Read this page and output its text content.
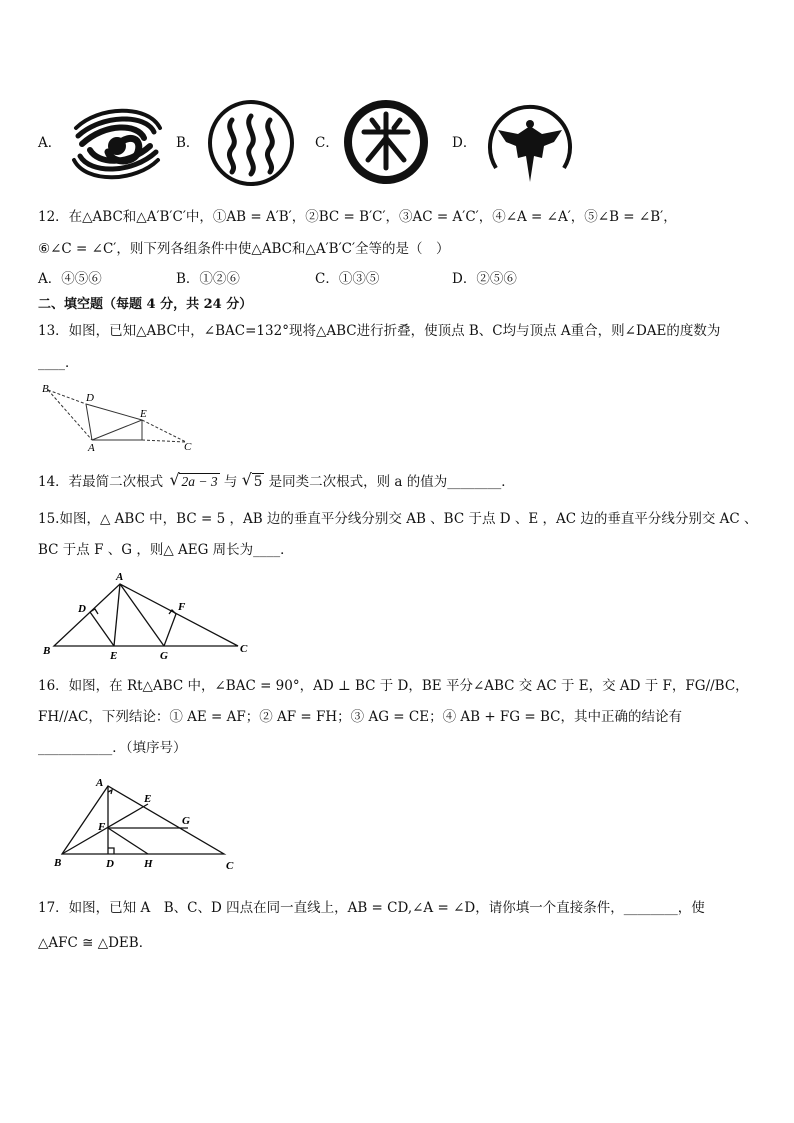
A．	B．	C．	D．
12．在△ABC和△A′B′C′中，①AB = A′B′，②BC = B′C′，③AC = A′C′，④∠A = ∠A′，⑤∠B = ∠B′，
⑥∠C = ∠C′，则下列各组条件中使△ABC和△A′B′C′全等的是（　）
A．④⑤⑥	B．①②⑥	C．①③⑤	D．②⑤⑥
二、填空题（每题 4 分，共 24 分）
13．如图，已知△ABC中，∠BAC=132°现将△ABC进行折叠，使顶点 B、C均与顶点 A重合，则∠DAE的度数为
____．
B
D
E
A	C
14．若最简二次根式 √ 2a − 3 与 √ 5 是同类二次根式，则 a 的值为________．
15.如图，△ ABC 中，BC = 5 ，AB 边的垂直平分线分别交 AB 、BC 于点 D 、E ，AC 边的垂直平分线分别交 AC 、
BC 于点 F 、G ，则△ AEG 周长为____．
A
D	F
B	E	G
C
16．如图，在 Rt△ABC 中，∠BAC = 90°，AD ⊥ BC 于 D，BE 平分∠ABC 交 AC 于 E，交 AD 于 F，FG//BC，
FH//AC，下列结论：① AE = AF；② AF = FH；③ AG = CE；④ AB + FG = BC，其中正确的结论有
___________．（填序号）
A
E
G
F
B	D	H	C
17．如图，已知 A　B、C、D 四点在同一直线上，AB = CD,∠A = ∠D，请你填一个直接条件，________，使
△AFC ≅ △DEB．
